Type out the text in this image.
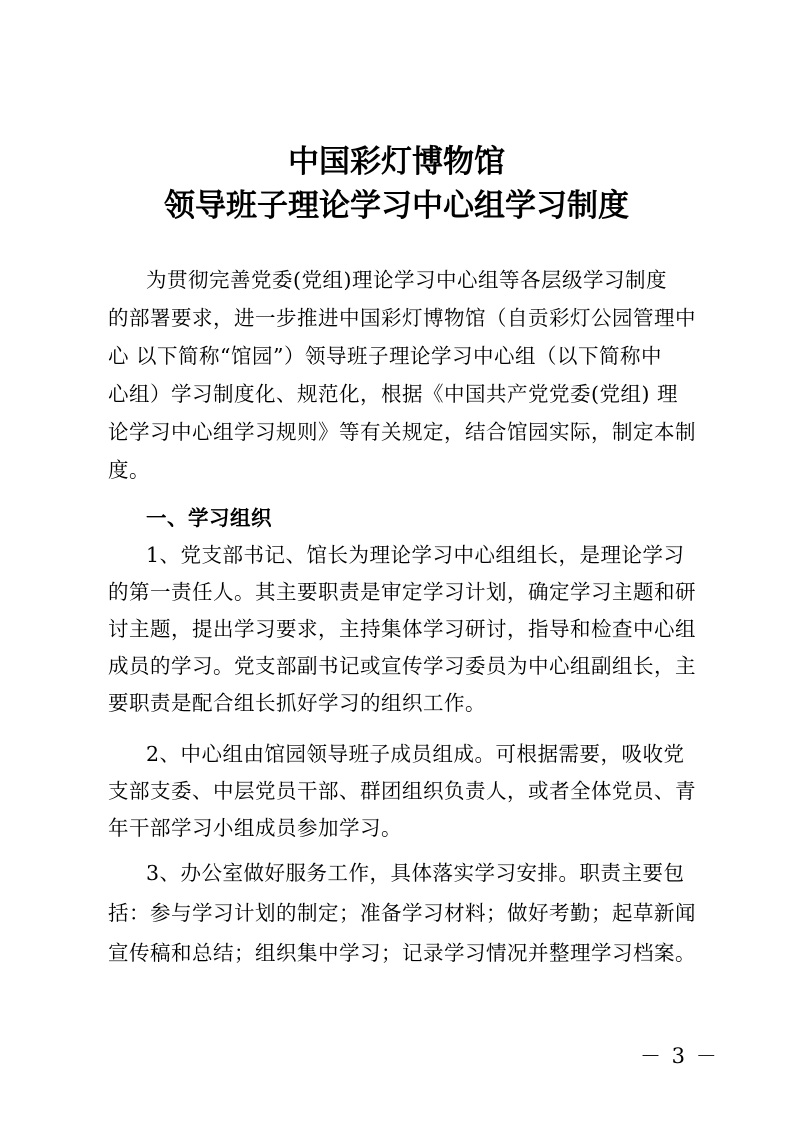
中国彩灯博物馆
领导班子理论学习中心组学习制度
为贯彻完善党委(党组)理论学习中心组等各层级学习制度
的部署要求，进一步推进中国彩灯博物馆（自贡彩灯公园管理中
心 以下简称“馆园”）领导班子理论学习中心组（以下简称中
心组）学习制度化、规范化，根据《中国共产党党委(党组) 理
论学习中心组学习规则》等有关规定，结合馆园实际，制定本制
度。
一、学习组织
1、党支部书记、馆长为理论学习中心组组长，是理论学习
的第一责任人。其主要职责是审定学习计划，确定学习主题和研
讨主题，提出学习要求，主持集体学习研讨，指导和检查中心组
成员的学习。党支部副书记或宣传学习委员为中心组副组长，主
要职责是配合组长抓好学习的组织工作。
2、中心组由馆园领导班子成员组成。可根据需要，吸收党
支部支委、中层党员干部、群团组织负责人，或者全体党员、青
年干部学习小组成员参加学习。
3、办公室做好服务工作，具体落实学习安排。职责主要包
括：参与学习计划的制定；准备学习材料；做好考勤；起草新闻
宣传稿和总结；组织集中学习；记录学习情况并整理学习档案。
－ 3 －
